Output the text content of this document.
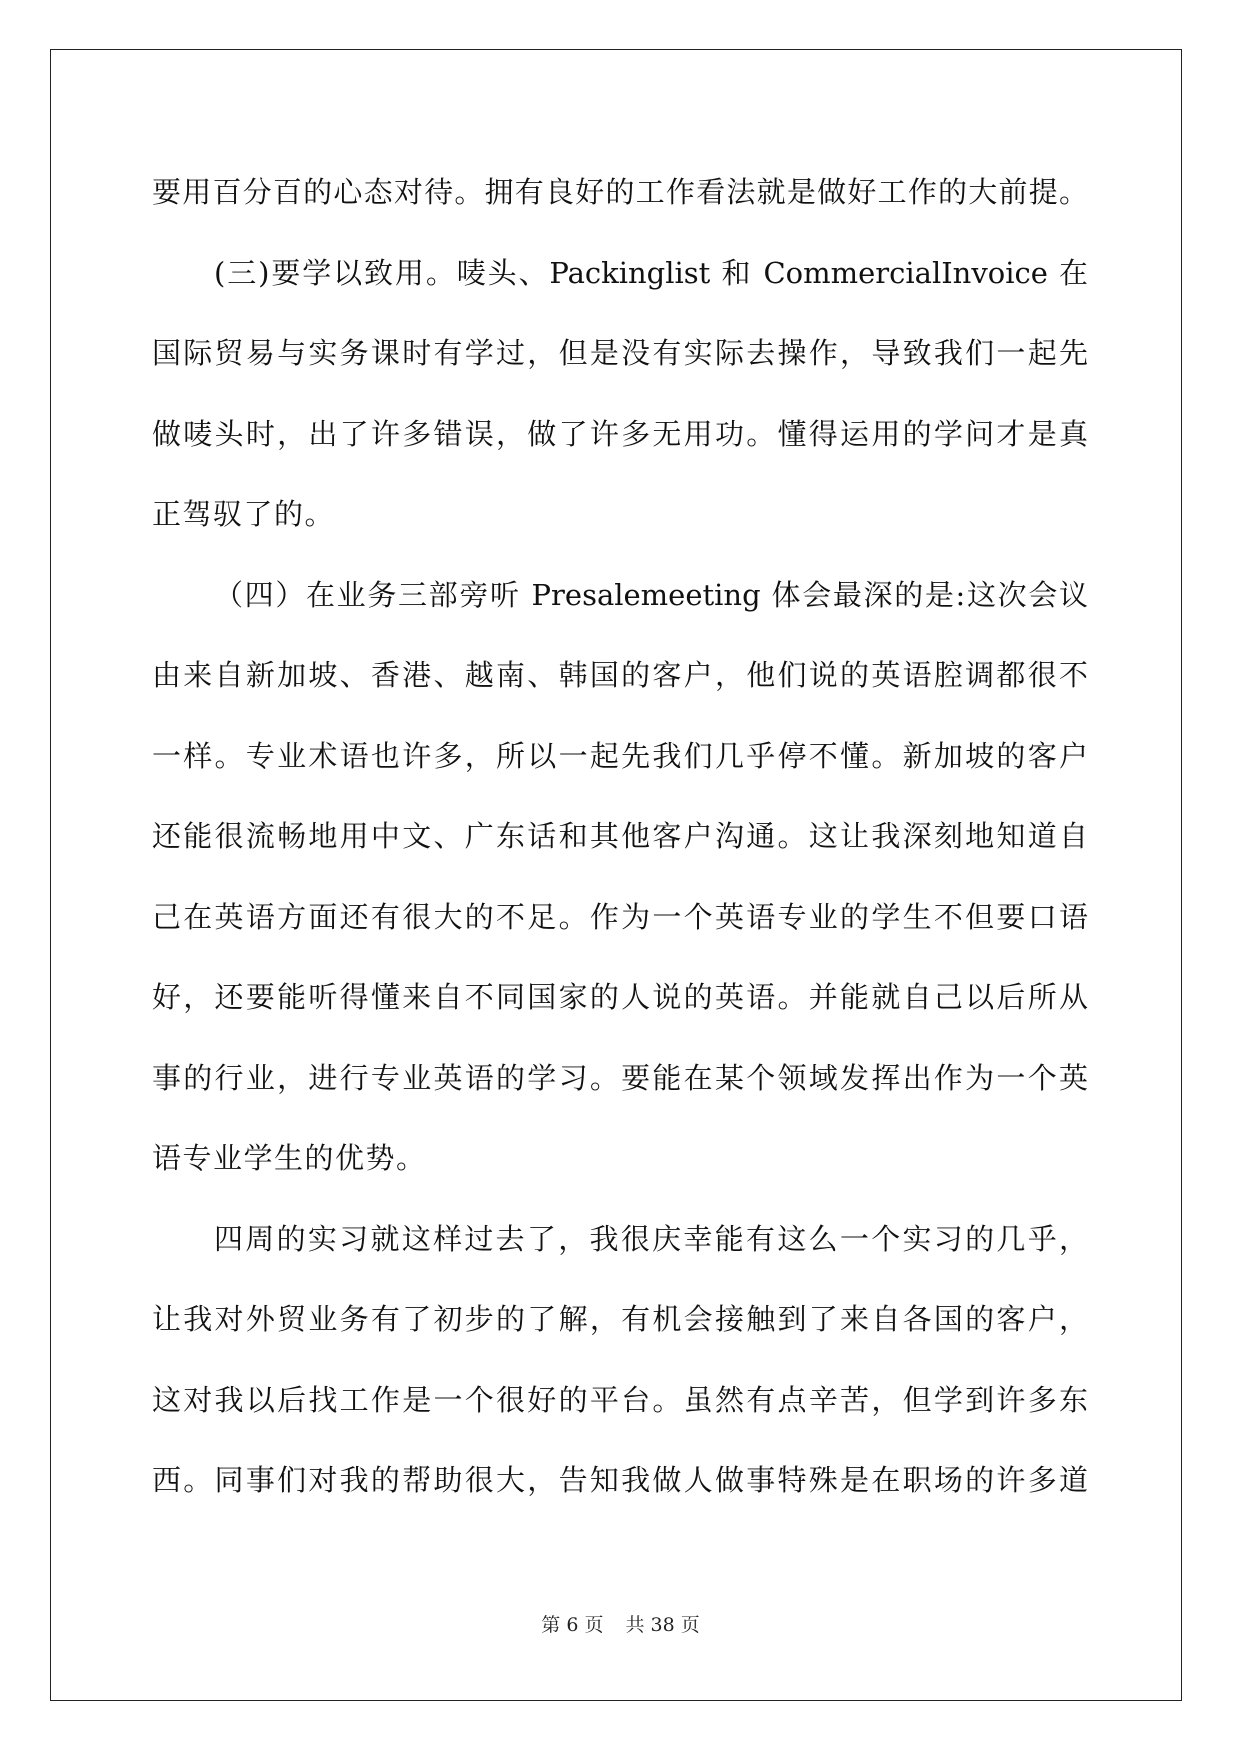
要用百分百的心态对待。拥有良好的工作看法就是做好工作的大前提。
(三)要学以致用。唛头、Packinglist 和 CommercialInvoice 在
国际贸易与实务课时有学过，但是没有实际去操作，导致我们一起先
做唛头时，出了许多错误，做了许多无用功。懂得运用的学问才是真
正驾驭了的。
（四）在业务三部旁听 Presalemeeting 体会最深的是:这次会议
由来自新加坡、香港、越南、韩国的客户，他们说的英语腔调都很不
一样。专业术语也许多，所以一起先我们几乎停不懂。新加坡的客户
还能很流畅地用中文、广东话和其他客户沟通。这让我深刻地知道自
己在英语方面还有很大的不足。作为一个英语专业的学生不但要口语
好，还要能听得懂来自不同国家的人说的英语。并能就自己以后所从
事的行业，进行专业英语的学习。要能在某个领域发挥出作为一个英
语专业学生的优势。
四周的实习就这样过去了，我很庆幸能有这么一个实习的几乎，
让我对外贸业务有了初步的了解，有机会接触到了来自各国的客户，
这对我以后找工作是一个很好的平台。虽然有点辛苦，但学到许多东
西。同事们对我的帮助很大，告知我做人做事特殊是在职场的许多道
第 6 页 共 38 页
